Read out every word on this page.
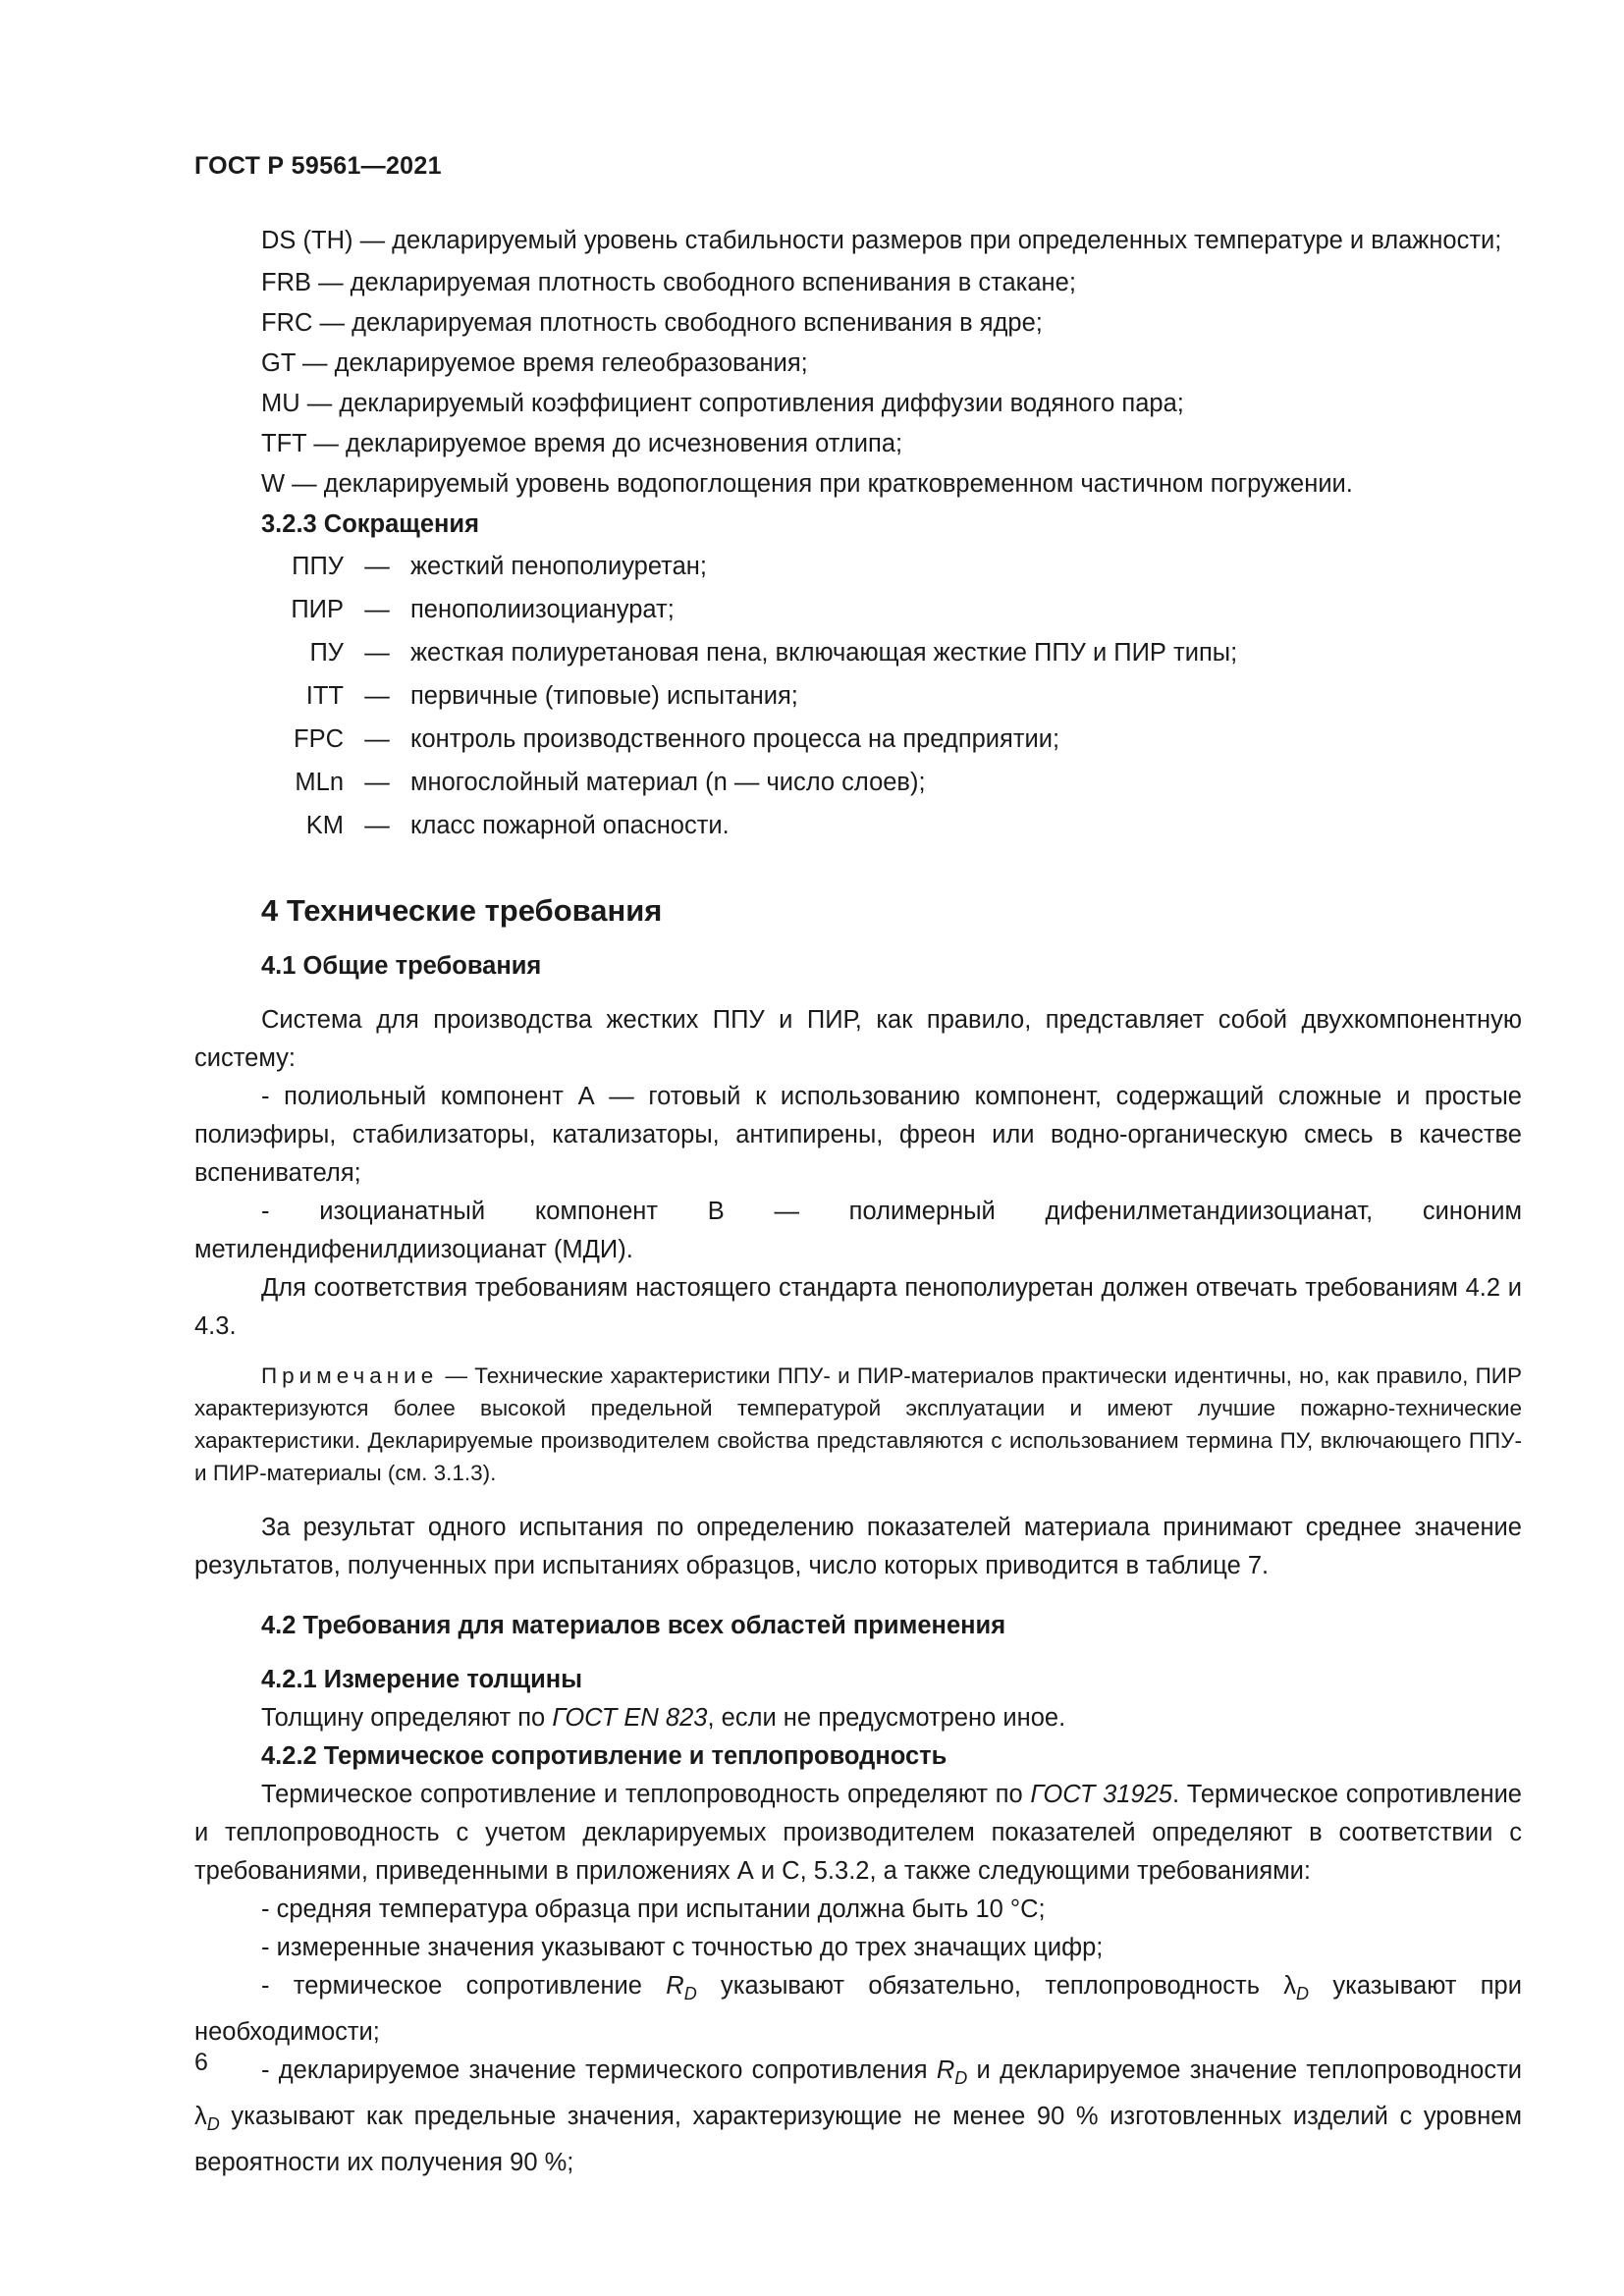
ГОСТ Р 59561—2021

DS (TH) — декларируемый уровень стабильности размеров при определенных температуре и влажности;

FRB — декларируемая плотность свободного вспенивания в стакане;
FRC — декларируемая плотность свободного вспенивания в ядре;
GT — декларируемое время гелеобразования;
MU — декларируемый коэффициент сопротивления диффузии водяного пара;
TFT — декларируемое время до исчезновения отлипа;
W — декларируемый уровень водопоглощения при кратковременном частичном погружении.
3.2.3 Сокращения
ППУ — жесткий пенополиуретан;
ПИР — пенополиизоцианурат;
ПУ — жесткая полиуретановая пена, включающая жесткие ППУ и ПИР типы;
ITT — первичные (типовые) испытания;
FPC — контроль производственного процесса на предприятии;
MLn — многослойный материал (n — число слоев);
KM — класс пожарной опасности.
4 Технические требования
4.1 Общие требования

Система для производства жестких ППУ и ПИР, как правило, представляет собой двухкомпонентную систему:

- полиольный компонент А — готовый к использованию компонент, содержащий сложные и простые полиэфиры, стабилизаторы, катализаторы, антипирены, фреон или водно-органическую смесь в качестве вспенивателя;

- изоцианатный компонент В — полимерный дифенилметандиизоцианат, синоним метилендифенилдиизоцианат (МДИ).

Для соответствия требованиям настоящего стандарта пенополиуретан должен отвечать требованиям 4.2 и 4.3.

Примечание — Технические характеристики ППУ- и ПИР-материалов практически идентичны, но, как правило, ПИР характеризуются более высокой предельной температурой эксплуатации и имеют лучшие пожарно-технические характеристики. Декларируемые производителем свойства представляются с использованием термина ПУ, включающего ППУ- и ПИР-материалы (см. 3.1.3).

За результат одного испытания по определению показателей материала принимают среднее значение результатов, полученных при испытаниях образцов, число которых приводится в таблице 7.

4.2 Требования для материалов всех областей применения
4.2.1 Измерение толщины

Толщину определяют по ГОСТ EN 823, если не предусмотрено иное.

4.2.2 Термическое сопротивление и теплопроводность

Термическое сопротивление и теплопроводность определяют по ГОСТ 31925. Термическое сопротивление и теплопроводность с учетом декларируемых производителем показателей определяют в соответствии с требованиями, приведенными в приложениях А и С, 5.3.2, а также следующими требованиями:

- средняя температура образца при испытании должна быть 10 °С;

- измеренные значения указывают с точностью до трех значащих цифр;

- термическое сопротивление $R_D$ указывают обязательно, теплопроводность $\lambda_D$ указывают при необходимости;

- декларируемое значение термического сопротивления $R_D$ и декларируемое значение теплопроводности $\lambda_D$ указывают как предельные значения, характеризующие не менее 90 % изготовленных изделий с уровнем вероятности их получения 90 %;

6
